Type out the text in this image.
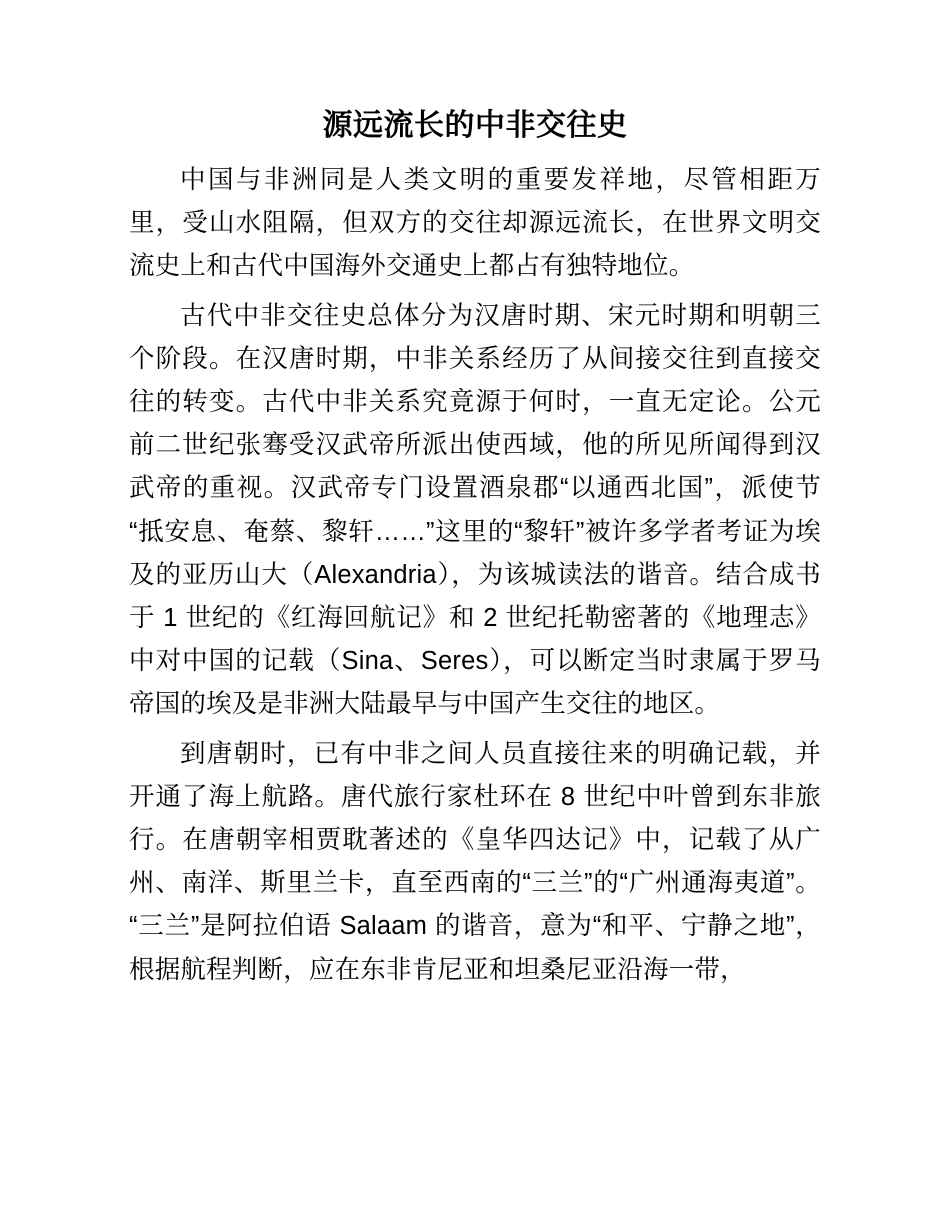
源远流长的中非交往史

中国与非洲同是人类文明的重要发祥地，尽管相距万里，受山水阻隔，但双方的交往却源远流长，在世界文明交流史上和古代中国海外交通史上都占有独特地位。

古代中非交往史总体分为汉唐时期、宋元时期和明朝三个阶段。在汉唐时期，中非关系经历了从间接交往到直接交往的转变。古代中非关系究竟源于何时，一直无定论。公元前二世纪张骞受汉武帝所派出使西域，他的所见所闻得到汉武帝的重视。汉武帝专门设置酒泉郡“以通西北国”，派使节“抵安息、奄蔡、黎轩……”这里的“黎轩”被许多学者考证为埃及的亚历山大（Alexandria），为该城读法的谐音。结合成书于 1 世纪的《红海回航记》和 2 世纪托勒密著的《地理志》中对中国的记载（Sina、Seres），可以断定当时隶属于罗马帝国的埃及是非洲大陆最早与中国产生交往的地区。

到唐朝时，已有中非之间人员直接往来的明确记载，并开通了海上航路。唐代旅行家杜环在 8 世纪中叶曾到东非旅行。在唐朝宰相贾耽著述的《皇华四达记》中，记载了从广州、南洋、斯里兰卡，直至西南的“三兰”的“广州通海夷道”。“三兰”是阿拉伯语 Salaam 的谐音，意为“和平、宁静之地”，根据航程判断，应在东非肯尼亚和坦桑尼亚沿海一带，
